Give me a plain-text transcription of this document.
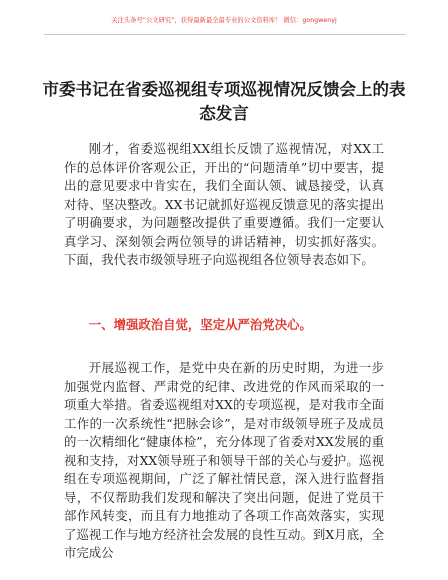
关注头条号“公文研究”，获得最新最全最专业的公文资料库！ 微信：gongwenyj
市委书记在省委巡视组专项巡视情况反馈会上的表态发言

刚才，省委巡视组XX组长反馈了巡视情况，对XX工作的总体评价客观公正，开出的“问题清单”切中要害，提出的意见要求中肯实在，我们全面认领、诚恳接受，认真对待、坚决整改。XX书记就抓好巡视反馈意见的落实提出了明确要求，为问题整改提供了重要遵循。我们一定要认真学习、深刻领会两位领导的讲话精神，切实抓好落实。下面，我代表市级领导班子向巡视组各位领导表态如下。

一、增强政治自觉，坚定从严治党决心。

开展巡视工作，是党中央在新的历史时期，为进一步加强党内监督、严肃党的纪律、改进党的作风而采取的一项重大举措。省委巡视组对XX的专项巡视，是对我市全面工作的一次系统性“把脉会诊”，是对市级领导班子及成员的一次精细化“健康体检”，充分体现了省委对XX发展的重视和支持，对XX领导班子和领导干部的关心与爱护。巡视组在专项巡视期间，广泛了解社情民意，深入进行监督指导，不仅帮助我们发现和解决了突出问题，促进了党员干部作风转变，而且有力地推动了各项工作高效落实，实现了巡视工作与地方经济社会发展的良性互动。到X月底，全市完成公
